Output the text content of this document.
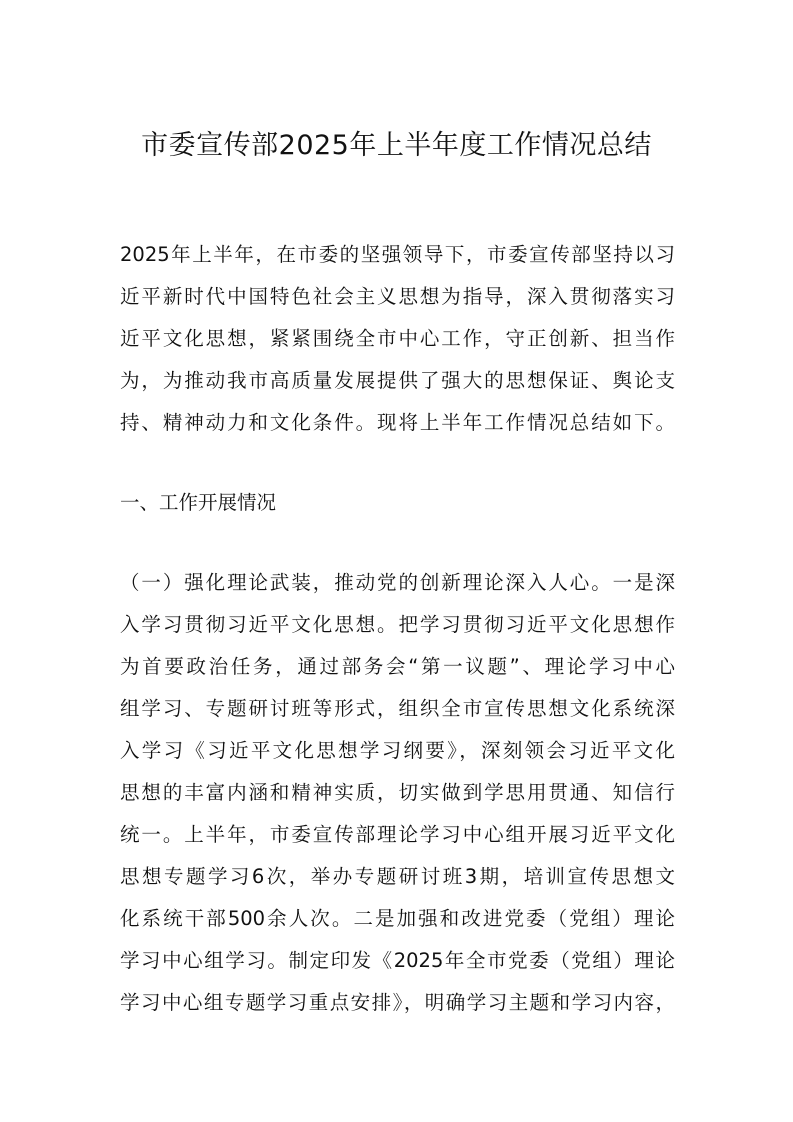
市委宣传部2025年上半年度工作情况总结
2025年上半年，在市委的坚强领导下，市委宣传部坚持以习
近平新时代中国特色社会主义思想为指导，深入贯彻落实习
近平文化思想，紧紧围绕全市中心工作，守正创新、担当作
为，为推动我市高质量发展提供了强大的思想保证、舆论支
持、精神动力和文化条件。现将上半年工作情况总结如下。
一、工作开展情况
（一）强化理论武装，推动党的创新理论深入人心。一是深
入学习贯彻习近平文化思想。把学习贯彻习近平文化思想作
为首要政治任务，通过部务会“第一议题”、理论学习中心
组学习、专题研讨班等形式，组织全市宣传思想文化系统深
入学习《习近平文化思想学习纲要》，深刻领会习近平文化
思想的丰富内涵和精神实质，切实做到学思用贯通、知信行
统一。上半年，市委宣传部理论学习中心组开展习近平文化
思想专题学习6次，举办专题研讨班3期，培训宣传思想文
化系统干部500余人次。二是加强和改进党委（党组）理论
学习中心组学习。制定印发《2025年全市党委（党组）理论
学习中心组专题学习重点安排》，明确学习主题和学习内容，
